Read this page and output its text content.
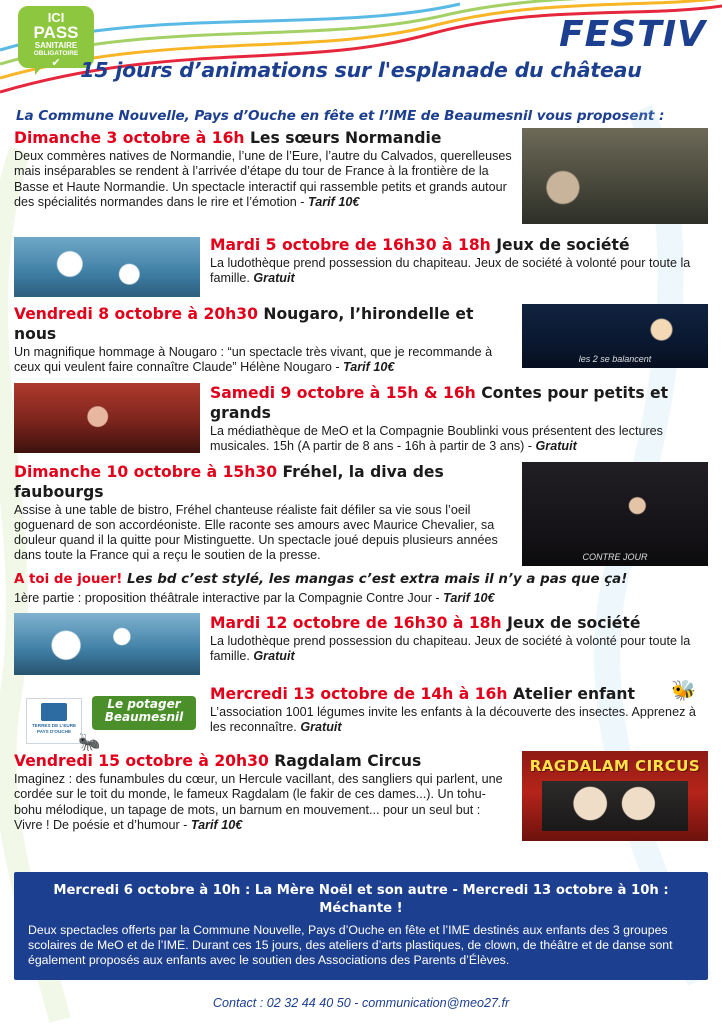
ICI
PASS
SANITAIRE
OBLIGATOIRE
✔
FESTIV
15 jours d’animations sur l'esplanade du château
La Commune Nouvelle, Pays d’Ouche en fête et l’IME de Beaumesnil vous proposent :
Dimanche 3 octobre à 16h Les sœurs Normandie
Deux commères natives de Normandie, l’une de l’Eure, l’autre du Calvados, querelleuses mais inséparables se rendent à l’arrivée d’étape du tour de France à la frontière de la Basse et Haute Normandie. Un spectacle interactif qui rassemble petits et grands autour des spécialités normandes dans le rire et l’émotion - Tarif 10€
Mardi 5 octobre de 16h30 à 18h Jeux de société
La ludothèque prend possession du chapiteau. Jeux de société à volonté pour toute la famille. Gratuit
les 2 se balancent
Vendredi 8 octobre à 20h30 Nougaro, l’hirondelle et nous
Un magnifique hommage à Nougaro : “un spectacle très vivant, que je recommande à ceux qui veulent faire connaître Claude” Hélène Nougaro - Tarif 10€
Samedi 9 octobre à 15h & 16h Contes pour petits et grands
La médiathèque de MeO et la Compagnie Boublinki vous présentent des lectures musicales. 15h (A partir de 8 ans - 16h à partir de 3 ans) - Gratuit
CONTRE JOUR
Dimanche 10 octobre à 15h30 Fréhel, la diva des faubourgs
Assise à une table de bistro, Fréhel chanteuse réaliste fait défiler sa vie sous l’oeil goguenard de son accordéoniste. Elle raconte ses amours avec Maurice Chevalier, sa douleur quand il la quitte pour Mistinguette. Un spectacle joué depuis plusieurs années dans toute la France qui a reçu le soutien de la presse.
A toi de jouer! Les bd c’est stylé, les mangas c’est extra mais il n’y a pas que ça!
1ère partie : proposition théâtrale interactive par la Compagnie Contre Jour - Tarif 10€
Mardi 12 octobre de 16h30 à 18h Jeux de société
La ludothèque prend possession du chapiteau. Jeux de société à volonté pour toute la famille. Gratuit
TERRES DE L'EURE PAYS D'OUCHE
Le potager Beaumesnil
🐜
🐝
Mercredi 13 octobre de 14h à 16h Atelier enfant
L’association 1001 légumes invite les enfants à la découverte des insectes. Apprenez à les reconnaître. Gratuit
RAGDALAM CIRCUS
Vendredi 15 octobre à 20h30 Ragdalam Circus
Imaginez : des funambules du cœur, un Hercule vacillant, des sangliers qui parlent, une cordée sur le toit du monde, le fameux Ragdalam (le fakir de ces dames...). Un tohu-bohu mélodique, un tapage de mots, un barnum en mouvement... pour un seul but : Vivre ! De poésie et d’humour - Tarif 10€
Mercredi 6 octobre à 10h : La Mère Noël et son autre - Mercredi 13 octobre à 10h : Méchante !
Deux spectacles offerts par la Commune Nouvelle, Pays d’Ouche en fête et l’IME destinés aux enfants des 3 groupes scolaires de MeO et de l’IME. Durant ces 15 jours, des ateliers d’arts plastiques, de clown, de théâtre et de danse sont également proposés aux enfants avec le soutien des Associations des Parents d’Élèves.
Contact : 02 32 44 40 50 - communication@meo27.fr
